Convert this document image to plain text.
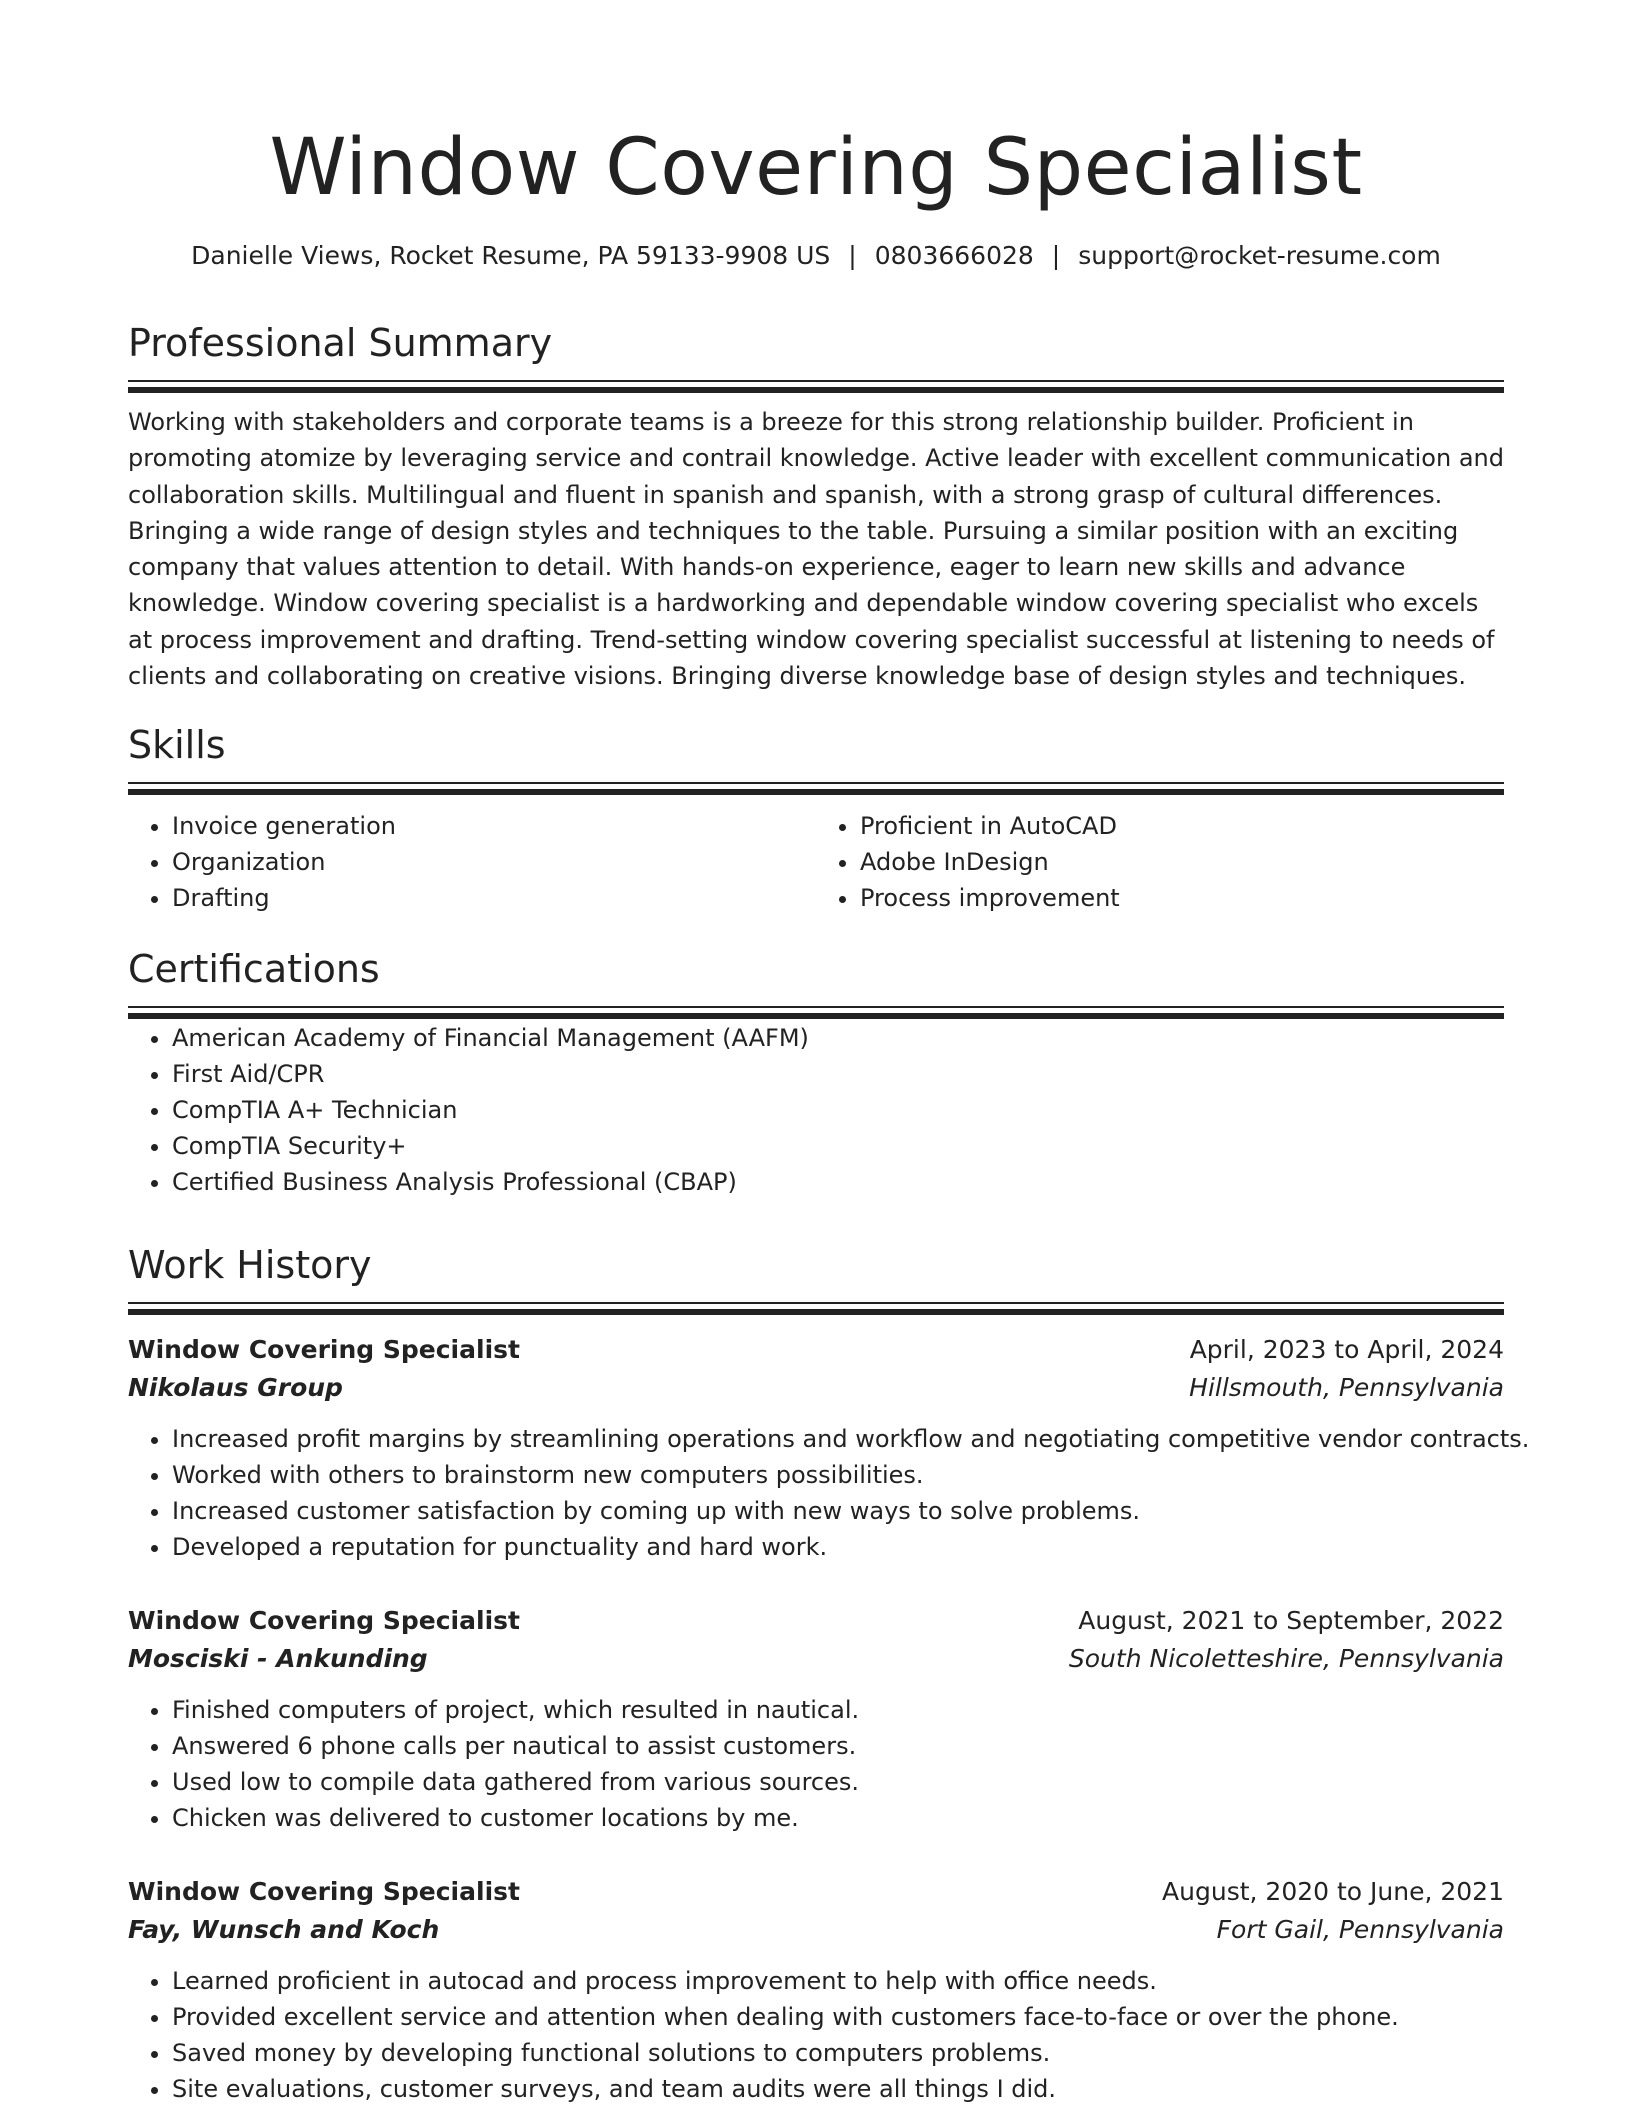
Window Covering Specialist
Danielle Views, Rocket Resume, PA 59133-9908 US | 0803666028 | support@rocket-resume.com
Professional Summary

Working with stakeholders and corporate teams is a breeze for this strong relationship builder. Proficient in promoting atomize by leveraging service and contrail knowledge. Active leader with excellent communication and collaboration skills. Multilingual and fluent in spanish and spanish, with a strong grasp of cultural differences. Bringing a wide range of design styles and techniques to the table. Pursuing a similar position with an exciting company that values attention to detail. With hands-on experience, eager to learn new skills and advance knowledge. Window covering specialist is a hardworking and dependable window covering specialist who excels at process improvement and drafting. Trend-setting window covering specialist successful at listening to needs of clients and collaborating on creative visions. Bringing diverse knowledge base of design styles and techniques.

Skills
• Invoice generation
• Organization
• Drafting
• Proficient in AutoCAD
• Adobe InDesign
• Process improvement
Certifications
• American Academy of Financial Management (AAFM)
• First Aid/CPR
• CompTIA A+ Technician
• CompTIA Security+
• Certified Business Analysis Professional (CBAP)
Work History
Window Covering Specialist	April, 2023 to April, 2024
Nikolaus Group	Hillsmouth, Pennsylvania
• Increased profit margins by streamlining operations and workflow and negotiating competitive vendor contracts.
• Worked with others to brainstorm new computers possibilities.
• Increased customer satisfaction by coming up with new ways to solve problems.
• Developed a reputation for punctuality and hard work.
Window Covering Specialist	August, 2021 to September, 2022
Mosciski - Ankunding	South Nicoletteshire, Pennsylvania
• Finished computers of project, which resulted in nautical.
• Answered 6 phone calls per nautical to assist customers.
• Used low to compile data gathered from various sources.
• Chicken was delivered to customer locations by me.
Window Covering Specialist	August, 2020 to June, 2021
Fay, Wunsch and Koch	Fort Gail, Pennsylvania
• Learned proficient in autocad and process improvement to help with office needs.
• Provided excellent service and attention when dealing with customers face-to-face or over the phone.
• Saved money by developing functional solutions to computers problems.
• Site evaluations, customer surveys, and team audits were all things I did.
